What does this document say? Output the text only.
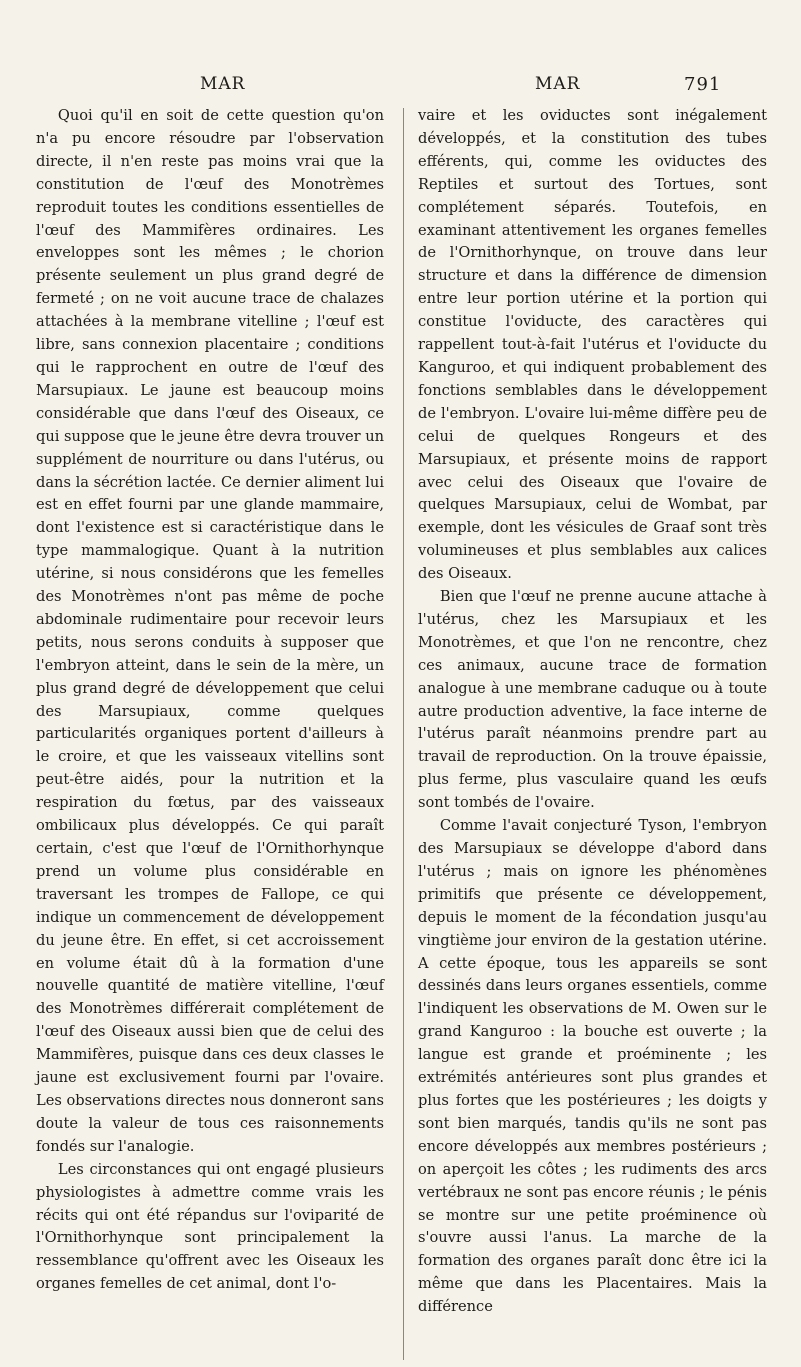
MAR	MAR	791

Quoi qu'il en soit de cette question qu'on n'a pu encore résoudre par l'observation directe, il n'en reste pas moins vrai que la constitution de l'œuf des Monotrèmes reproduit toutes les conditions essentielles de l'œuf des Mammifères ordinaires. Les enveloppes sont les mêmes ; le chorion présente seulement un plus grand degré de fermeté ; on ne voit aucune trace de chalazes attachées à la membrane vitelline ; l'œuf est libre, sans connexion placentaire ; conditions qui le rapprochent en outre de l'œuf des Marsupiaux. Le jaune est beaucoup moins considérable que dans l'œuf des Oiseaux, ce qui suppose que le jeune être devra trouver un supplément de nourriture ou dans l'utérus, ou dans la sécrétion lactée. Ce dernier aliment lui est en effet fourni par une glande mammaire, dont l'existence est si caractéristique dans le type mammalogique. Quant à la nutrition utérine, si nous considérons que les femelles des Monotrèmes n'ont pas même de poche abdominale rudimentaire pour recevoir leurs petits, nous serons conduits à supposer que l'embryon atteint, dans le sein de la mère, un plus grand degré de développement que celui des Marsupiaux, comme quelques particularités organiques portent d'ailleurs à le croire, et que les vaisseaux vitellins sont peut-être aidés, pour la nutrition et la respiration du fœtus, par des vaisseaux ombilicaux plus développés. Ce qui paraît certain, c'est que l'œuf de l'Ornithorhynque prend un volume plus considérable en traversant les trompes de Fallope, ce qui indique un commencement de développement du jeune être. En effet, si cet accroissement en volume était dû à la formation d'une nouvelle quantité de matière vitelline, l'œuf des Monotrèmes différerait complétement de l'œuf des Oiseaux aussi bien que de celui des Mammifères, puisque dans ces deux classes le jaune est exclusivement fourni par l'ovaire. Les observations directes nous donneront sans doute la valeur de tous ces raisonnements fondés sur l'analogie.

Les circonstances qui ont engagé plusieurs physiologistes à admettre comme vrais les récits qui ont été répandus sur l'oviparité de l'Ornithorhynque sont principalement la ressemblance qu'offrent avec les Oiseaux les organes femelles de cet animal, dont l'o-

vaire et les oviductes sont inégalement développés, et la constitution des tubes efférents, qui, comme les oviductes des Reptiles et surtout des Tortues, sont complétement séparés. Toutefois, en examinant attentivement les organes femelles de l'Ornithorhynque, on trouve dans leur structure et dans la différence de dimension entre leur portion utérine et la portion qui constitue l'oviducte, des caractères qui rappellent tout-à-fait l'utérus et l'oviducte du Kanguroo, et qui indiquent probablement des fonctions semblables dans le développement de l'embryon. L'ovaire lui-même diffère peu de celui de quelques Rongeurs et des Marsupiaux, et présente moins de rapport avec celui des Oiseaux que l'ovaire de quelques Marsupiaux, celui de Wombat, par exemple, dont les vésicules de Graaf sont très volumineuses et plus semblables aux calices des Oiseaux.

Bien que l'œuf ne prenne aucune attache à l'utérus, chez les Marsupiaux et les Monotrèmes, et que l'on ne rencontre, chez ces animaux, aucune trace de formation analogue à une membrane caduque ou à toute autre production adventive, la face interne de l'utérus paraît néanmoins prendre part au travail de reproduction. On la trouve épaissie, plus ferme, plus vasculaire quand les œufs sont tombés de l'ovaire.

Comme l'avait conjecturé Tyson, l'embryon des Marsupiaux se développe d'abord dans l'utérus ; mais on ignore les phénomènes primitifs que présente ce développement, depuis le moment de la fécondation jusqu'au vingtième jour environ de la gestation utérine. A cette époque, tous les appareils se sont dessinés dans leurs organes essentiels, comme l'indiquent les observations de M. Owen sur le grand Kanguroo : la bouche est ouverte ; la langue est grande et proéminente ; les extrémités antérieures sont plus grandes et plus fortes que les postérieures ; les doigts y sont bien marqués, tandis qu'ils ne sont pas encore développés aux membres postérieurs ; on aperçoit les côtes ; les rudiments des arcs vertébraux ne sont pas encore réunis ; le pénis se montre sur une petite proéminence où s'ouvre aussi l'anus. La marche de la formation des organes paraît donc être ici la même que dans les Placentaires. Mais la différence
